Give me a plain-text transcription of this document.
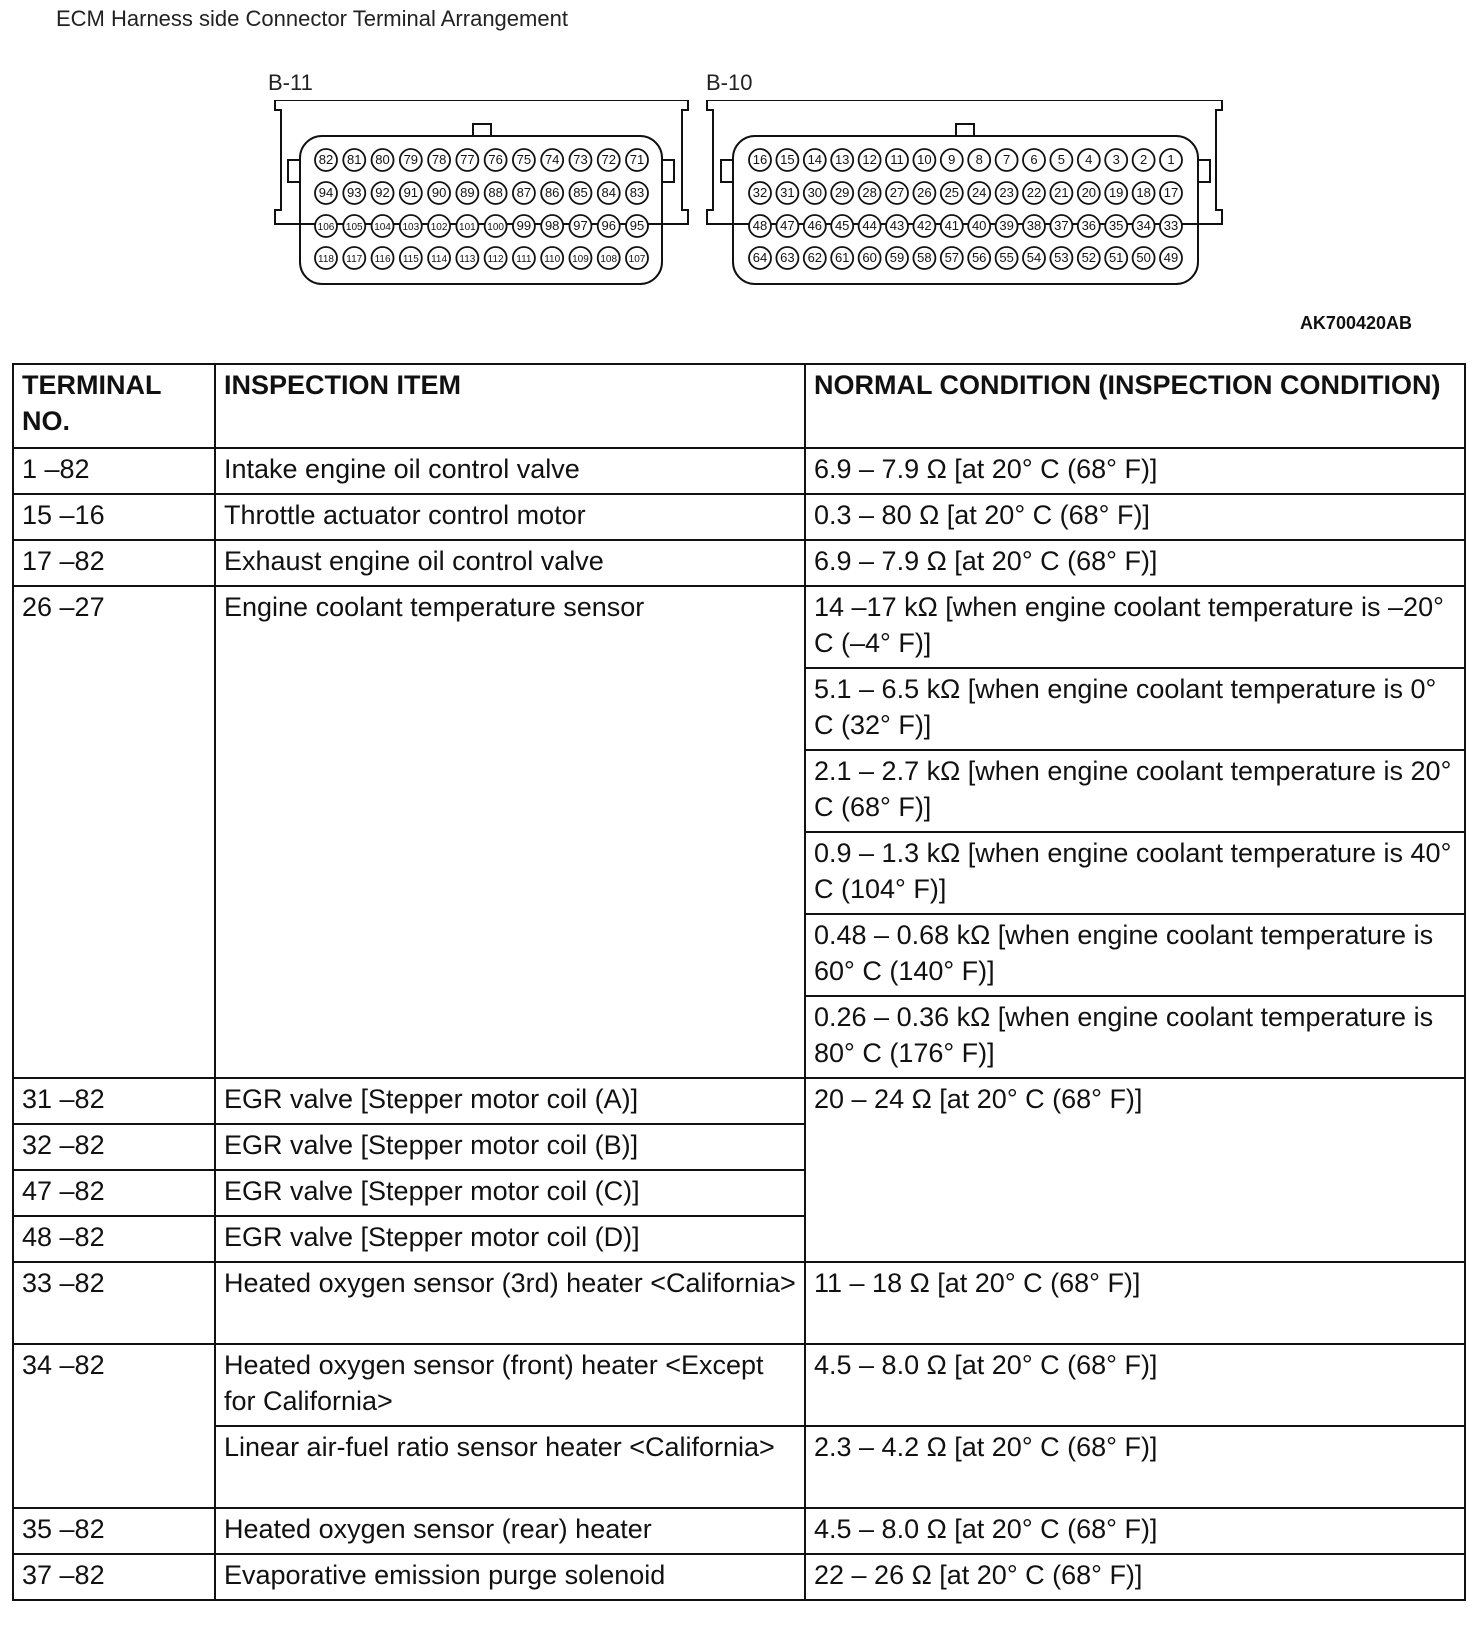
ECM Harness side Connector Terminal Arrangement
B-11	B-10
82 81 80 79 78 77 76 75 74 73 72 71
94 93 92 91 90 89 88 87 86 85 84 83
106 105 104 103 102 101 100 99 98 97 96 95
118 117 116 115 114 113 112 111 110 109 108 107
16 15 14 13 12 11 10 9 8 7 6 5 4 3 2 1
32 31 30 29 28 27 26 25 24 23 22 21 20 19 18 17
48 47 46 45 44 43 42 41 40 39 38 37 36 35 34 33
64 63 62 61 60 59 58 57 56 55 54 53 52 51 50 49
AK700420AB
TERMINAL NO.	INSPECTION ITEM	NORMAL CONDITION (INSPECTION CONDITION)
1 –82	Intake engine oil control valve	6.9 – 7.9 Ω [at 20° C (68° F)]
15 –16	Throttle actuator control motor	0.3 – 80 Ω [at 20° C (68° F)]
17 –82	Exhaust engine oil control valve	6.9 – 7.9 Ω [at 20° C (68° F)]
26 –27	Engine coolant temperature sensor	14 –17 kΩ [when engine coolant temperature is –20° C (–4° F)]
		5.1 – 6.5 kΩ [when engine coolant temperature is 0° C (32° F)]
		2.1 – 2.7 kΩ [when engine coolant temperature is 20° C (68° F)]
		0.9 – 1.3 kΩ [when engine coolant temperature is 40° C (104° F)]
		0.48 – 0.68 kΩ [when engine coolant temperature is 60° C (140° F)]
		0.26 – 0.36 kΩ [when engine coolant temperature is 80° C (176° F)]
31 –82	EGR valve [Stepper motor coil (A)]	20 – 24 Ω [at 20° C (68° F)]
32 –82	EGR valve [Stepper motor coil (B)]	
47 –82	EGR valve [Stepper motor coil (C)]	
48 –82	EGR valve [Stepper motor coil (D)]	
33 –82	Heated oxygen sensor (3rd) heater <California>	11 – 18 Ω [at 20° C (68° F)]
34 –82	Heated oxygen sensor (front) heater <Except for California>	4.5 – 8.0 Ω [at 20° C (68° F)]
	Linear air-fuel ratio sensor heater <California>	2.3 – 4.2 Ω [at 20° C (68° F)]
35 –82	Heated oxygen sensor (rear) heater	4.5 – 8.0 Ω [at 20° C (68° F)]
37 –82	Evaporative emission purge solenoid	22 – 26 Ω [at 20° C (68° F)]
